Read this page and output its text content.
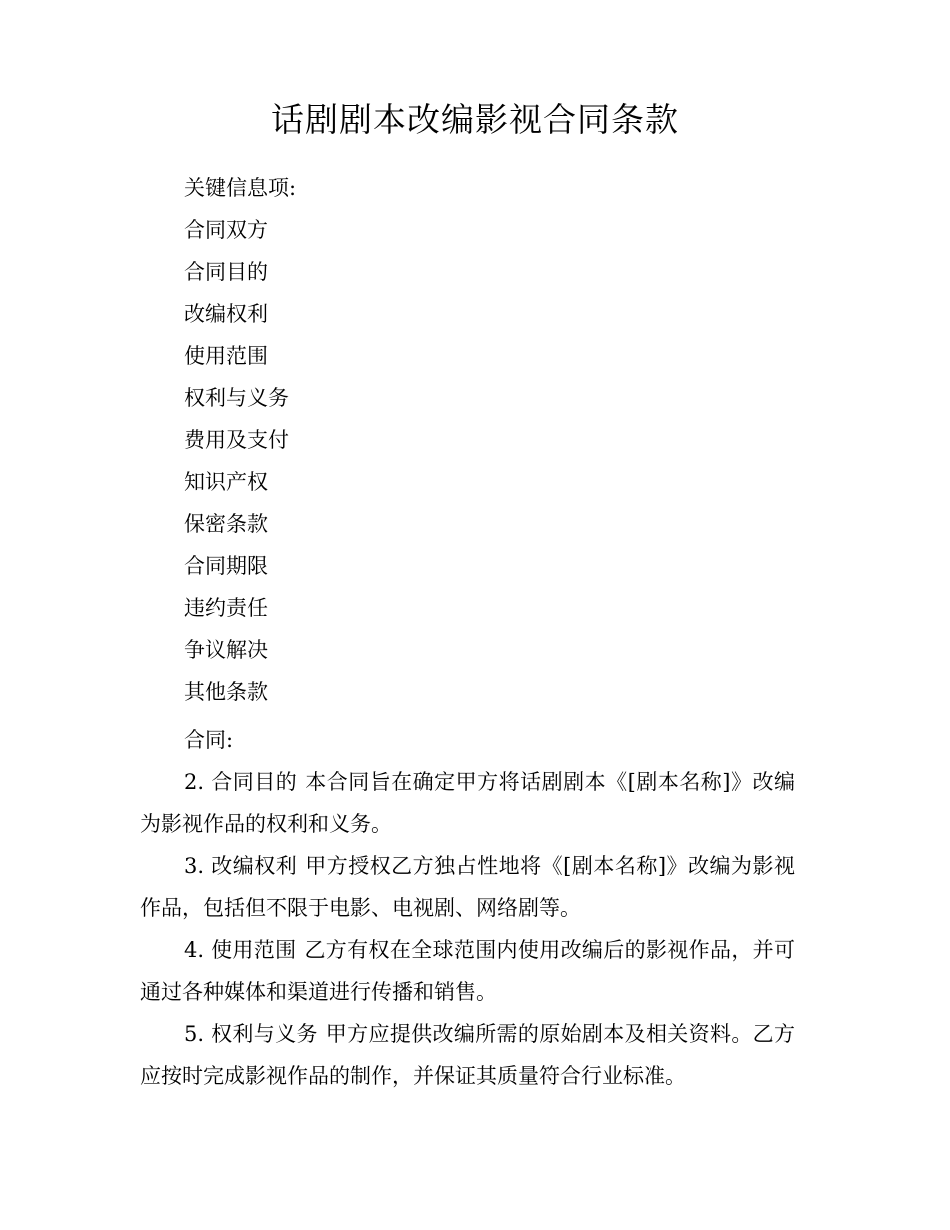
话剧剧本改编影视合同条款
关键信息项:
合同双方
合同目的
改编权利
使用范围
权利与义务
费用及支付
知识产权
保密条款
合同期限
违约责任
争议解决
其他条款
合同:

2. 合同目的 本合同旨在确定甲方将话剧剧本《[剧本名称]》改编为影视作品的权利和义务。

3. 改编权利 甲方授权乙方独占性地将《[剧本名称]》改编为影视作品，包括但不限于电影、电视剧、网络剧等。

4. 使用范围 乙方有权在全球范围内使用改编后的影视作品，并可通过各种媒体和渠道进行传播和销售。

5. 权利与义务 甲方应提供改编所需的原始剧本及相关资料。乙方应按时完成影视作品的制作，并保证其质量符合行业标准。
